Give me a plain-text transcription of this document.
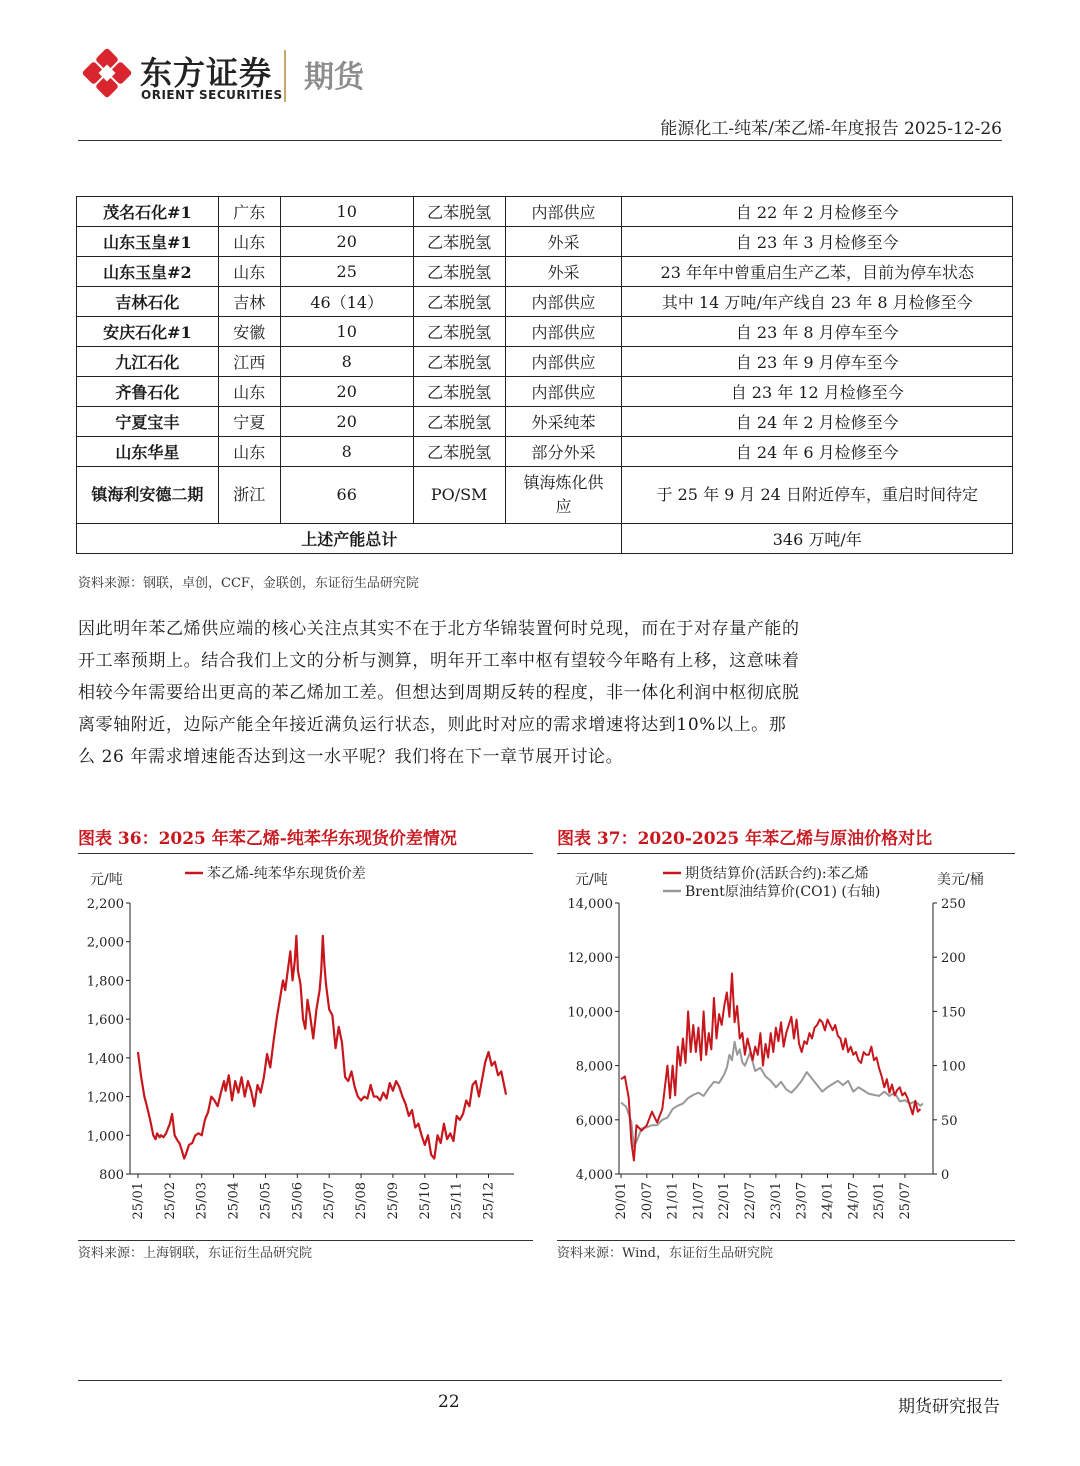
东方证券
ORIENT SECURITIES 期货
能源化工-纯苯/苯乙烯-年度报告 2025-12-26
茂名石化#1	广东	10	乙苯脱氢	内部供应	自 22 年 2 月检修至今
山东玉皇#1	山东	20	乙苯脱氢	外采	自 23 年 3 月检修至今
山东玉皇#2	山东	25	乙苯脱氢	外采	23 年年中曾重启生产乙苯，目前为停车状态
吉林石化	吉林	46（14）	乙苯脱氢	内部供应	其中 14 万吨/年产线自 23 年 8 月检修至今
安庆石化#1	安徽	10	乙苯脱氢	内部供应	自 23 年 8 月停车至今
九江石化	江西	8	乙苯脱氢	内部供应	自 23 年 9 月停车至今
齐鲁石化	山东	20	乙苯脱氢	内部供应	自 23 年 12 月检修至今
宁夏宝丰	宁夏	20	乙苯脱氢	外采纯苯	自 24 年 2 月检修至今
山东华星	山东	8	乙苯脱氢	部分外采	自 24 年 6 月检修至今
镇海利安德二期	浙江	66	PO/SM	镇海炼化供应	于 25 年 9 月 24 日附近停车，重启时间待定
上述产能总计					346 万吨/年
资料来源：钢联，卓创，CCF，金联创，东证衍生品研究院
因此明年苯乙烯供应端的核心关注点其实不在于北方华锦装置何时兑现，而在于对存量产能的开工率预期上。结合我们上文的分析与测算，明年开工率中枢有望较今年略有上移，这意味着相较今年需要给出更高的苯乙烯加工差。但想达到周期反转的程度，非一体化利润中枢彻底脱离零轴附近，边际产能全年接近满负运行状态，则此时对应的需求增速将达到10%以上。那么 26 年需求增速能否达到这一水平呢？我们将在下一章节展开讨论。
图表 36：2025 年苯乙烯-纯苯华东现货价差情况
元/吨	苯乙烯-纯苯华东现货价差
800
1,000
1,200
1,400
1,600
1,800
2,000
2,200
25/01 25/02 25/03 25/04 25/05 25/06 25/07 25/08 25/09 25/10 25/11 25/12
资料来源：上海钢联，东证衍生品研究院
图表 37：2020-2025 年苯乙烯与原油价格对比
元/吨	美元/桶
期货结算价(活跃合约):苯乙烯
Brent原油结算价(CO1) (右轴)
4,000
6,000
8,000
10,000
12,000
14,000
0
50
100
150
200
250
20/01 20/07 21/01 21/07 22/01 22/07 23/01 23/07 24/01 24/07 25/01 25/07
资料来源：Wind，东证衍生品研究院
22	期货研究报告
